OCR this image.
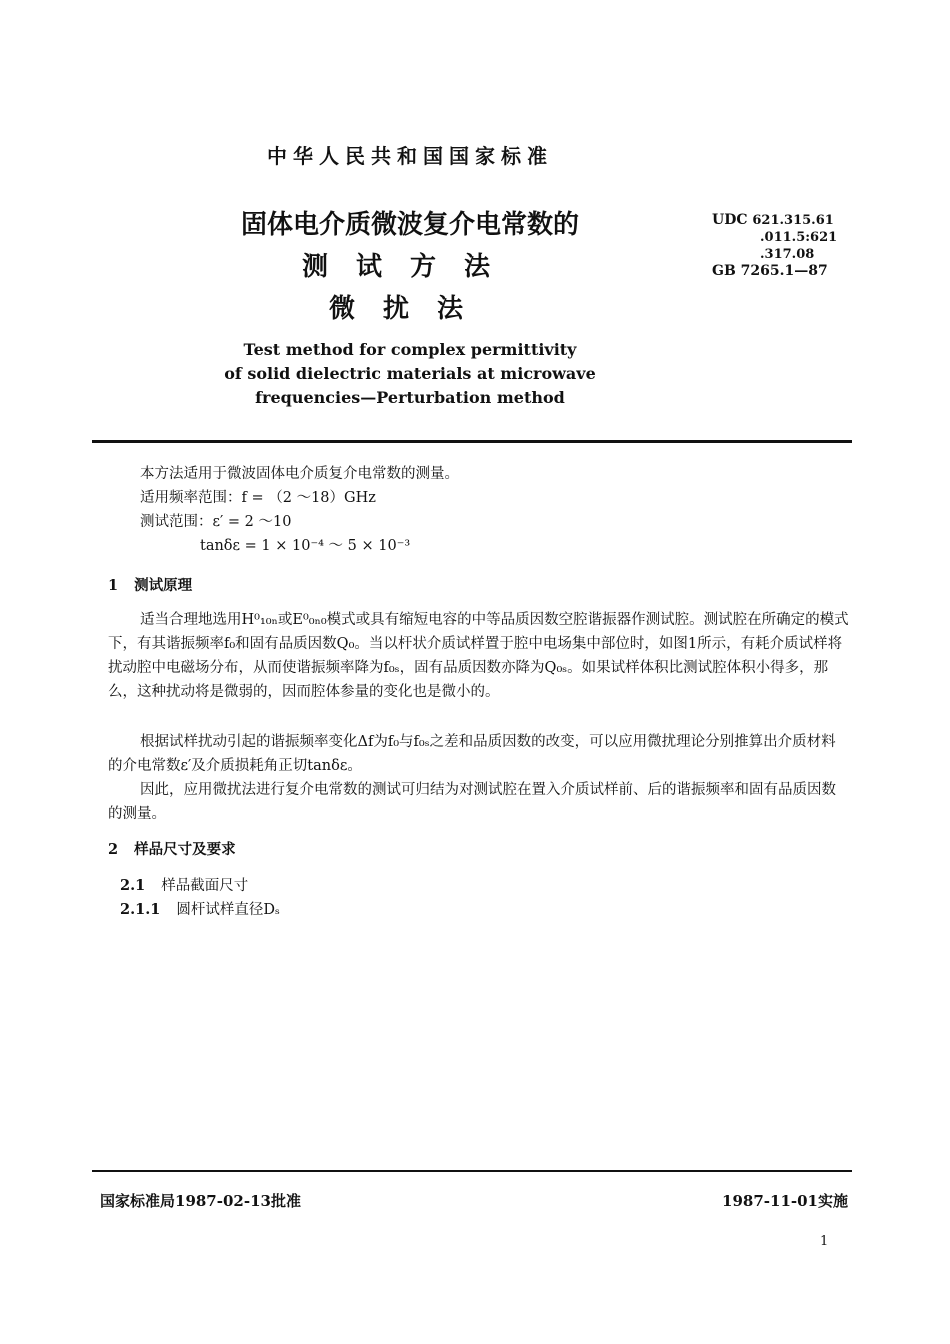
中华人民共和国国家标准
固体电介质微波复介电常数的
测试方法
微扰法
UDC 621.315.61
.011.5:621
.317.08
GB 7265.1—87
Test method for complex permittivity
of solid dielectric materials at microwave
frequencies—Perturbation method
本方法适用于微波固体电介质复介电常数的测量。
适用频率范围：f = （2 ～18）GHz
测试范围：ε′ = 2 ～10
tanδε = 1 × 10⁻⁴ ～ 5 × 10⁻³
1 测试原理
适当合理地选用H⁰₁₀ₙ或E⁰₀ₙ₀模式或具有缩短电容的中等品质因数空腔谐振器作测试腔。测试腔在所确定的模式下，有其谐振频率f₀和固有品质因数Q₀。当以杆状介质试样置于腔中电场集中部位时，如图1所示，有耗介质试样将扰动腔中电磁场分布，从而使谐振频率降为f₀ₛ，固有品质因数亦降为Q₀ₛ。如果试样体积比测试腔体积小得多，那么，这种扰动将是微弱的，因而腔体参量的变化也是微小的。
根据试样扰动引起的谐振频率变化Δf为f₀与f₀ₛ之差和品质因数的改变，可以应用微扰理论分别推算出介质材料的介电常数ε′及介质损耗角正切tanδε。
因此，应用微扰法进行复介电常数的测试可归结为对测试腔在置入介质试样前、后的谐振频率和固有品质因数的测量。
2 样品尺寸及要求
2.1 样品截面尺寸
2.1.1 圆杆试样直径Dₛ
国家标准局1987-02-13批准	1987-11-01实施
1
